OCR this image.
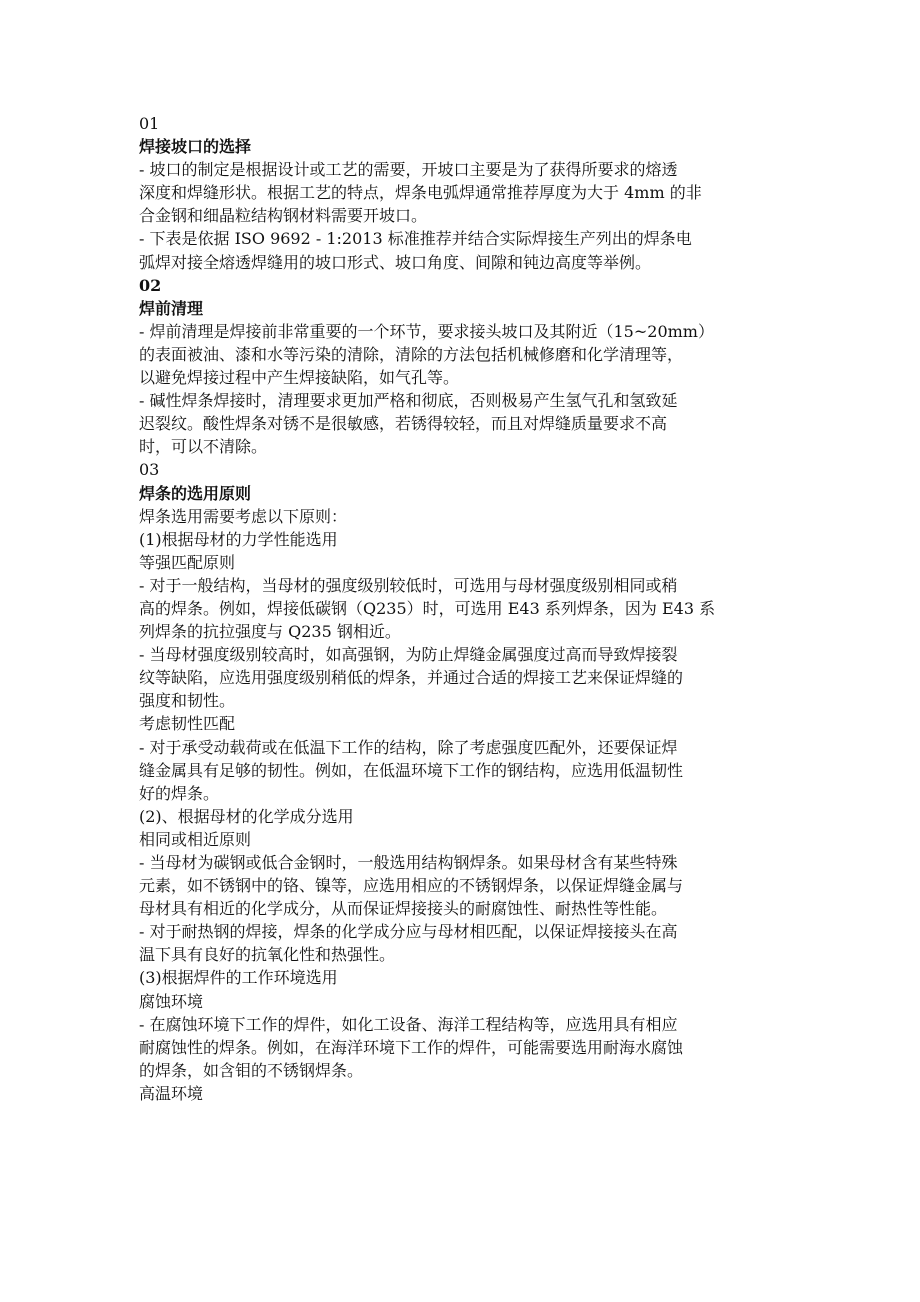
01
焊接坡口的选择
- 坡口的制定是根据设计或工艺的需要，开坡口主要是为了获得所要求的熔透
深度和焊缝形状。根据工艺的特点，焊条电弧焊通常推荐厚度为大于 4mm 的非
合金钢和细晶粒结构钢材料需要开坡口。
- 下表是依据 ISO 9692 - 1:2013 标准推荐并结合实际焊接生产列出的焊条电
弧焊对接全熔透焊缝用的坡口形式、坡口角度、间隙和钝边高度等举例。
02
焊前清理
- 焊前清理是焊接前非常重要的一个环节，要求接头坡口及其附近（15~20mm）
的表面被油、漆和水等污染的清除，清除的方法包括机械修磨和化学清理等，
以避免焊接过程中产生焊接缺陷，如气孔等。
- 碱性焊条焊接时，清理要求更加严格和彻底，否则极易产生氢气孔和氢致延
迟裂纹。酸性焊条对锈不是很敏感，若锈得较轻，而且对焊缝质量要求不高
时，可以不清除。
03
焊条的选用原则
焊条选用需要考虑以下原则：
(1)根据母材的力学性能选用
等强匹配原则
- 对于一般结构，当母材的强度级别较低时，可选用与母材强度级别相同或稍
高的焊条。例如，焊接低碳钢（Q235）时，可选用 E43 系列焊条，因为 E43 系
列焊条的抗拉强度与 Q235 钢相近。
- 当母材强度级别较高时，如高强钢，为防止焊缝金属强度过高而导致焊接裂
纹等缺陷，应选用强度级别稍低的焊条，并通过合适的焊接工艺来保证焊缝的
强度和韧性。
考虑韧性匹配
- 对于承受动载荷或在低温下工作的结构，除了考虑强度匹配外，还要保证焊
缝金属具有足够的韧性。例如，在低温环境下工作的钢结构，应选用低温韧性
好的焊条。
(2)、根据母材的化学成分选用
相同或相近原则
- 当母材为碳钢或低合金钢时，一般选用结构钢焊条。如果母材含有某些特殊
元素，如不锈钢中的铬、镍等，应选用相应的不锈钢焊条，以保证焊缝金属与
母材具有相近的化学成分，从而保证焊接接头的耐腐蚀性、耐热性等性能。
- 对于耐热钢的焊接，焊条的化学成分应与母材相匹配，以保证焊接接头在高
温下具有良好的抗氧化性和热强性。
(3)根据焊件的工作环境选用
腐蚀环境
- 在腐蚀环境下工作的焊件，如化工设备、海洋工程结构等，应选用具有相应
耐腐蚀性的焊条。例如，在海洋环境下工作的焊件，可能需要选用耐海水腐蚀
的焊条，如含钼的不锈钢焊条。
高温环境
